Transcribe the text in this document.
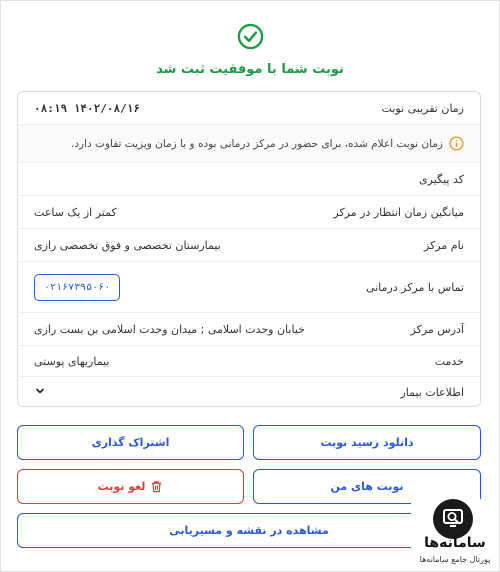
نوبت شما با موفقیت ثبت شد
زمان تقریبی نوبت
۱۴۰۲/۰۸/۱۶ ۰۸:۱۹
زمان نوبت اعلام شده، برای حضور در مرکز درمانی بوده و با زمان ویزیت تفاوت دارد.
کد پیگیری
میانگین زمان انتظار در مرکز
کمتر از یک ساعت
نام مرکز
بیمارستان تخصصی و فوق تخصصی رازی
تماس با مرکز درمانی
۰۲۱۶۷۳۹۵۰۶۰
آدرس مرکز
خیابان وحدت اسلامی ; میدان وحدت اسلامی بن بست رازی
خدمت
بیماریهای پوستی
اطلاعات بیمار
دانلود رسید نوبت
اشتراک گذاری
نوبت های من
لغو نوبت
مشاهده در نقشه و مسیریابی
سامانه‌ها
پورتال جامع سامانه‌ها
